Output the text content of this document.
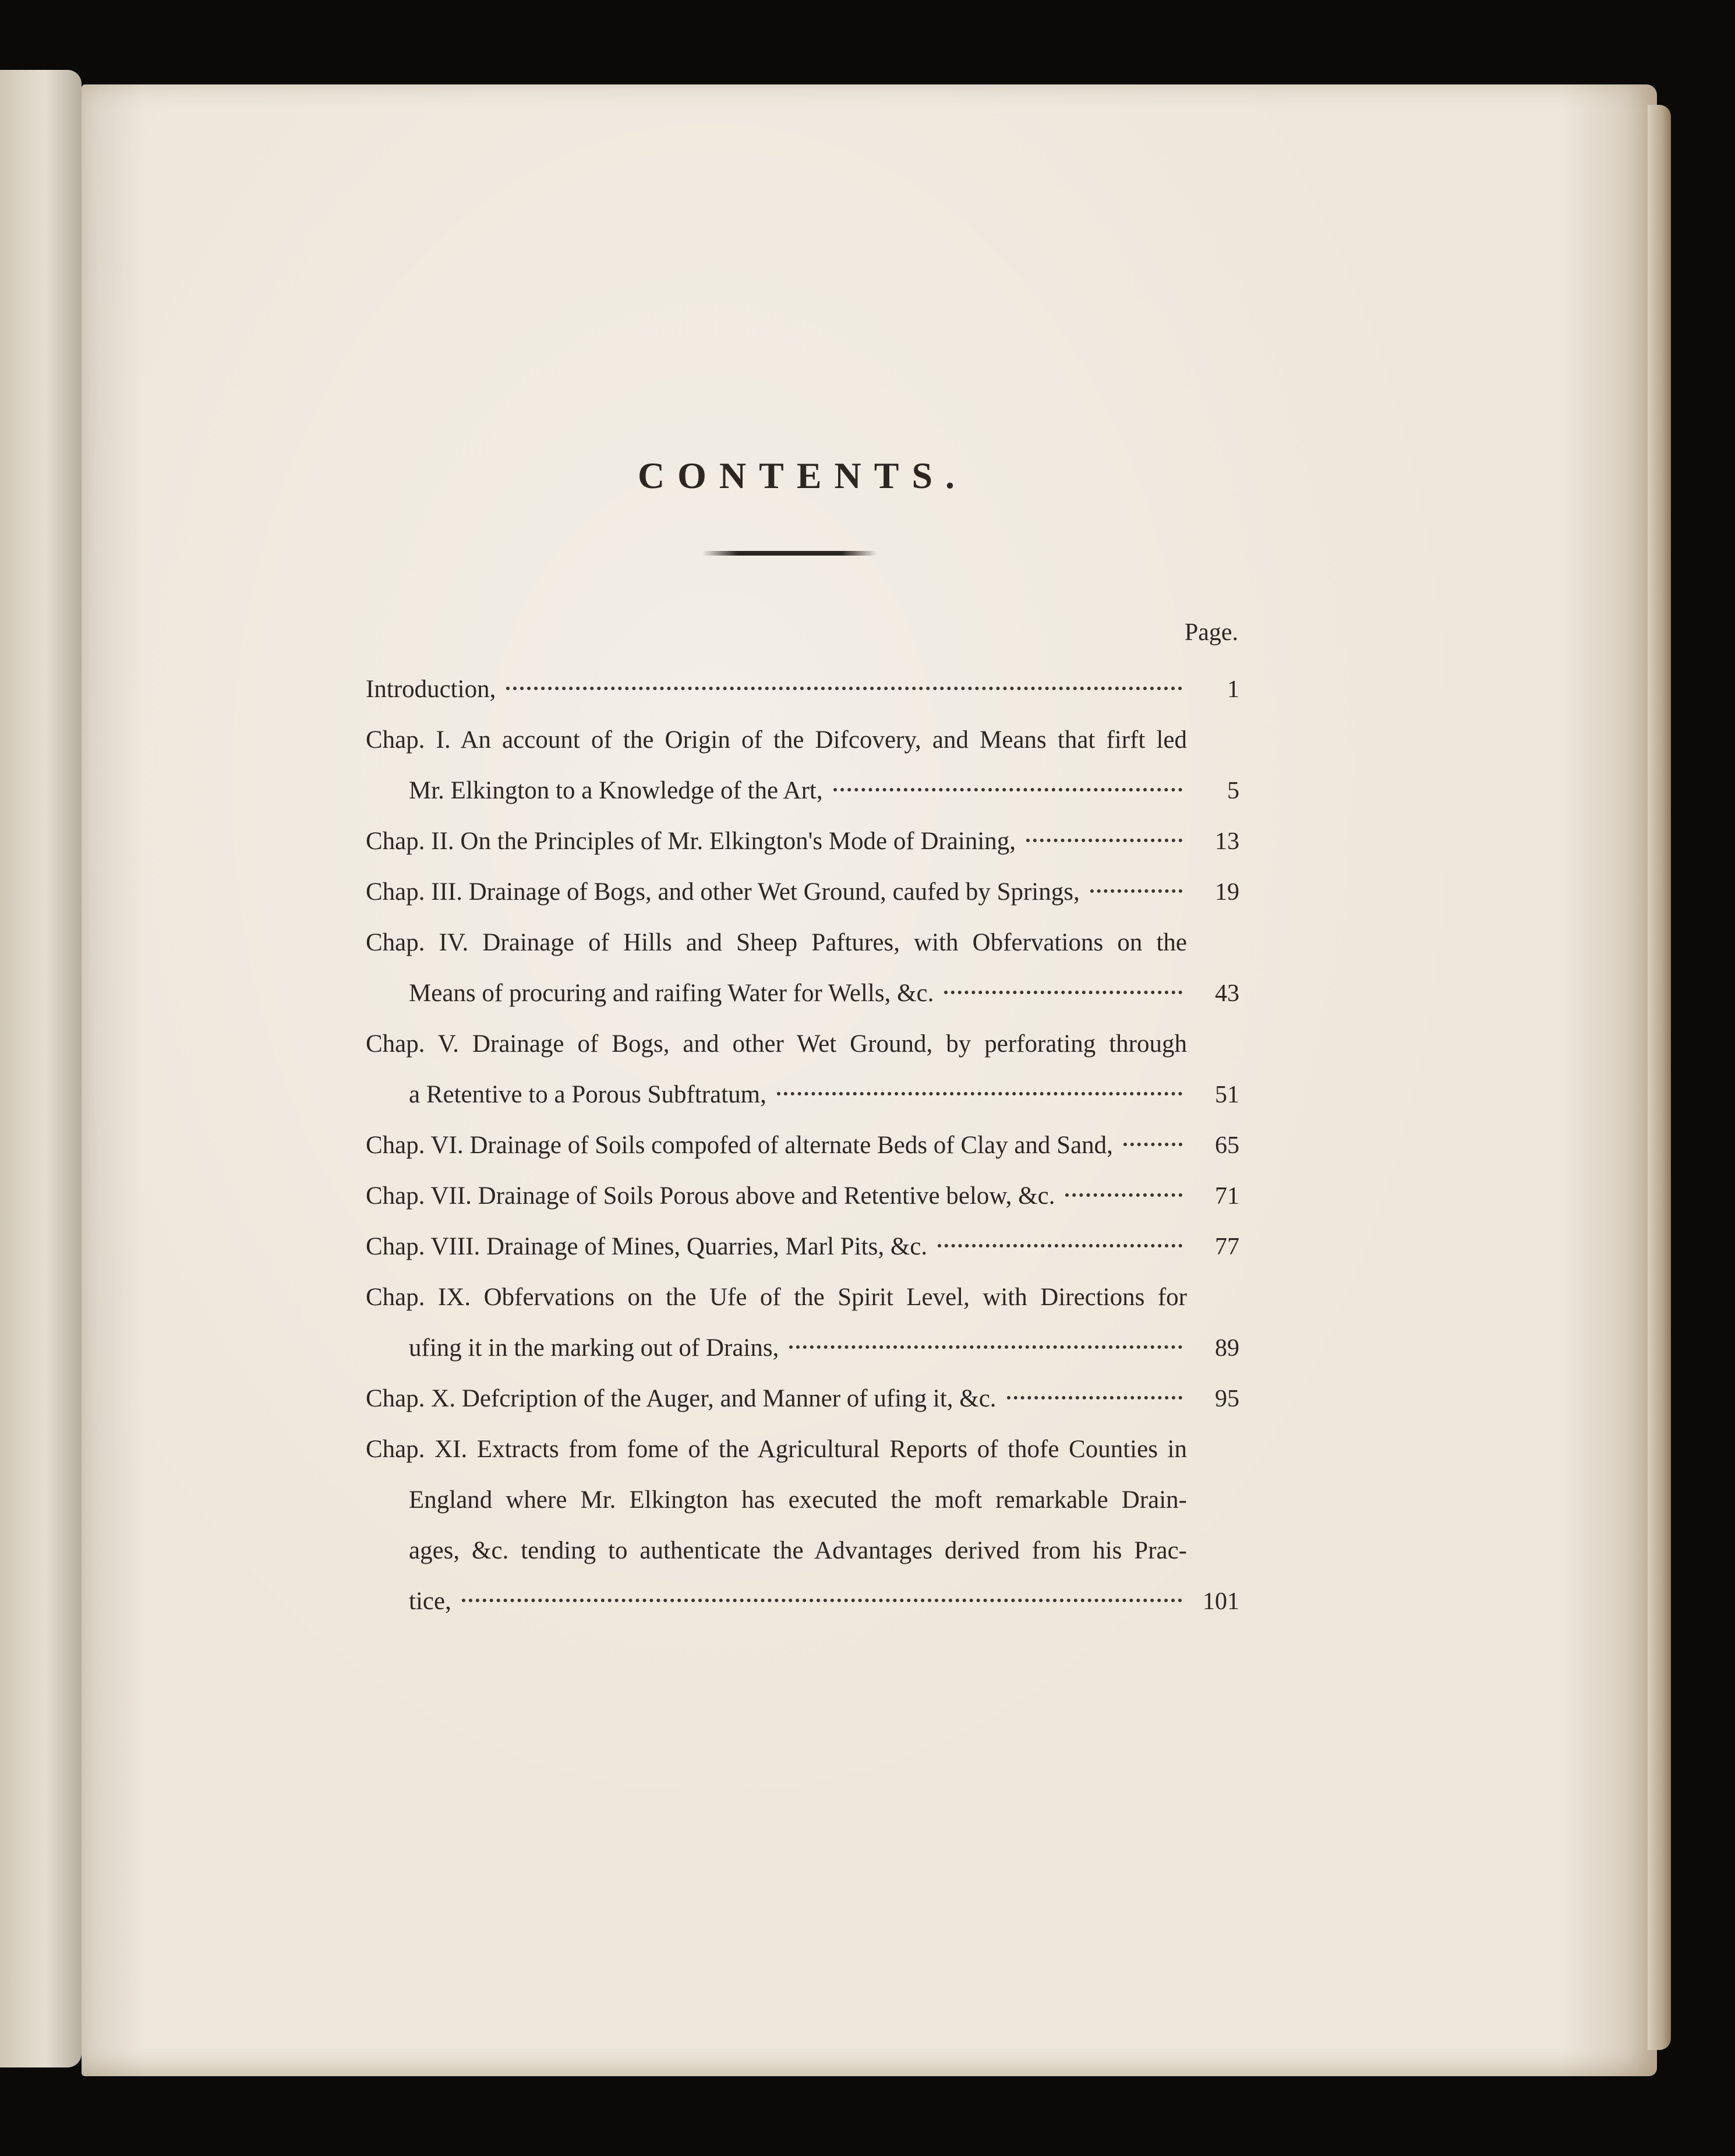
CONTENTS.
Page.
Introduction,	1
Chap. I. An account of the Origin of the Difcovery, and Means that firft led
Mr. Elkington to a Knowledge of the Art,	5
Chap. II. On the Principles of Mr. Elkington's Mode of Draining,	13
Chap. III. Drainage of Bogs, and other Wet Ground, caufed by Springs,	19
Chap. IV. Drainage of Hills and Sheep Paftures, with Obfervations on the
Means of procuring and raifing Water for Wells, &c.	43
Chap. V. Drainage of Bogs, and other Wet Ground, by perforating through
a Retentive to a Porous Subftratum,	51
Chap. VI. Drainage of Soils compofed of alternate Beds of Clay and Sand,	65
Chap. VII. Drainage of Soils Porous above and Retentive below, &c.	71
Chap. VIII. Drainage of Mines, Quarries, Marl Pits, &c.	77
Chap. IX. Obfervations on the Ufe of the Spirit Level, with Directions for
ufing it in the marking out of Drains,	89
Chap. X. Defcription of the Auger, and Manner of ufing it, &c.	95
Chap. XI. Extracts from fome of the Agricultural Reports of thofe Counties in
England where Mr. Elkington has executed the moft remarkable Drain-
ages, &c. tending to authenticate the Advantages derived from his Prac-
tice,	101
